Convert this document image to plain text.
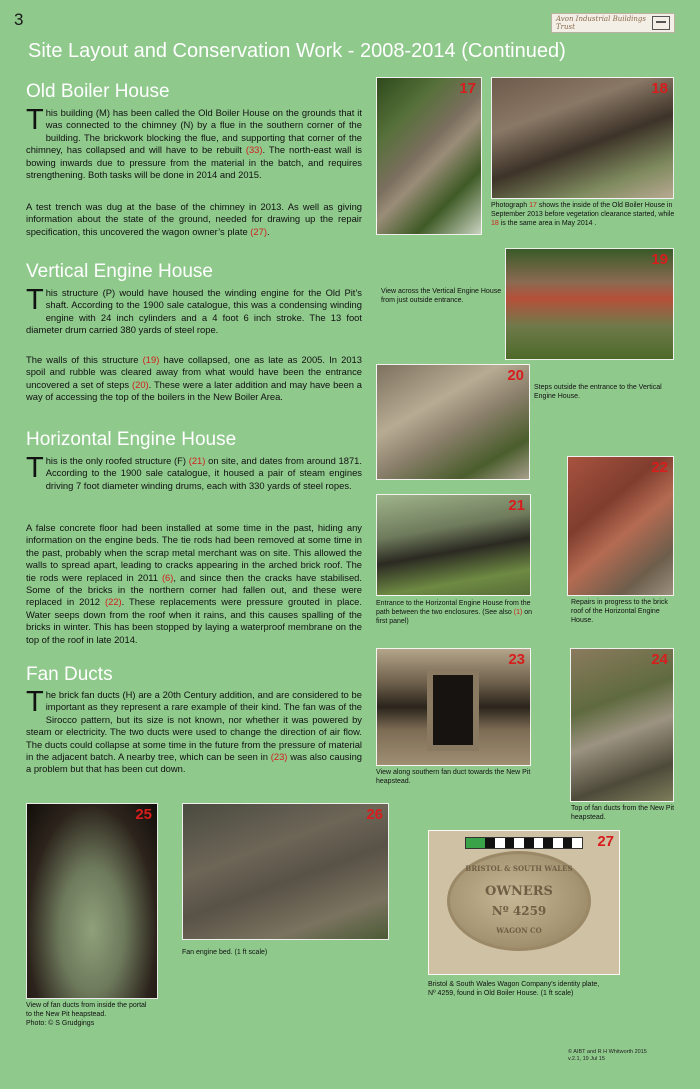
3	Avon Industrial Buildings Trust
Site Layout and Conservation Work - 2008-2014 (Continued)
Old Boiler House
This building (M) has been called the Old Boiler House on the grounds that it was connected to the chimney (N) by a flue in the southern corner of the building. The brickwork blocking the flue, and supporting that corner of the chimney, has collapsed and will have to be rebuilt (33). The north-east wall is bowing inwards due to pressure from the material in the batch, and requires strengthening. Both tasks will be done in 2014 and 2015.
A test trench was dug at the base of the chimney in 2013. As well as giving information about the state of the ground, needed for drawing up the repair specification, this uncovered the wagon owner’s plate (27).
Vertical Engine House
This structure (P) would have housed the winding engine for the Old Pit’s shaft. According to the 1900 sale catalogue, this was a condensing winding engine with 24 inch cylinders and a 4 foot 6 inch stroke. The 13 foot diameter drum carried 380 yards of steel rope.
The walls of this structure (19) have collapsed, one as late as 2005. In 2013 spoil and rubble was cleared away from what would have been the entrance uncovered a set of steps (20). These were a later addition and may have been a way of accessing the top of the boilers in the New Boiler Area.
Horizontal Engine House
This is the only roofed structure (F) (21) on site, and dates from around 1871. According to the 1900 sale catalogue, it housed a pair of steam engines driving 7 foot diameter winding drums, each with 330 yards of steel ropes.
A false concrete floor had been installed at some time in the past, hiding any information on the engine beds. The tie rods had been removed at some time in the past, probably when the scrap metal merchant was on site. This allowed the walls to spread apart, leading to cracks appearing in the arched brick roof. The tie rods were replaced in 2011 (6), and since then the cracks have stabilised. Some of the bricks in the northern corner had fallen out, and these were replaced in 2012 (22). These replacements were pressure grouted in place. Water seeps down from the roof when it rains, and this causes spalling of the bricks in winter. This has been stopped by laying a waterproof membrane on the top of the roof in late 2014.
Fan Ducts
The brick fan ducts (H) are a 20th Century addition, and are considered to be important as they represent a rare example of their kind. The fan was of the Sirocco pattern, but its size is not known, nor whether it was powered by steam or electricity. The two ducts were used to change the direction of air flow. The ducts could collapse at some time in the future from the pressure of material in the adjacent batch. A nearby tree, which can be seen in (23) was also causing a problem but that has been cut down.
17	18
Photograph 17 shows the inside of the Old Boiler House in September 2013 before vegetation clearance started, while 18 is the same area in May 2014 .
View across the Vertical Engine House from just outside entrance.
19
20
Steps outside the entrance to the Vertical Engine House.
21
Entrance to the Horizontal Engine House from the path between the two enclosures. (See also (1) on first panel)
22
Repairs in progress to the brick roof of the Horizontal Engine House.
23
View along southern fan duct towards the New Pit heapstead.
24
Top of fan ducts from the New Pit heapstead.
25
View of fan ducts from inside the portal
to the New Pit heapstead.
Photo: © S Grudgings
26
Fan engine bed. (1 ft scale)
BRISTOL & SOUTH WALES
OWNERS
Nº 4259
WAGON CO
27
Bristol & South Wales Wagon Company's identity plate,
Nº 4259, found in Old Boiler House. (1 ft scale)
© AIBT and R H Whitworth 2015
v.2.1, 19 Jul 15
